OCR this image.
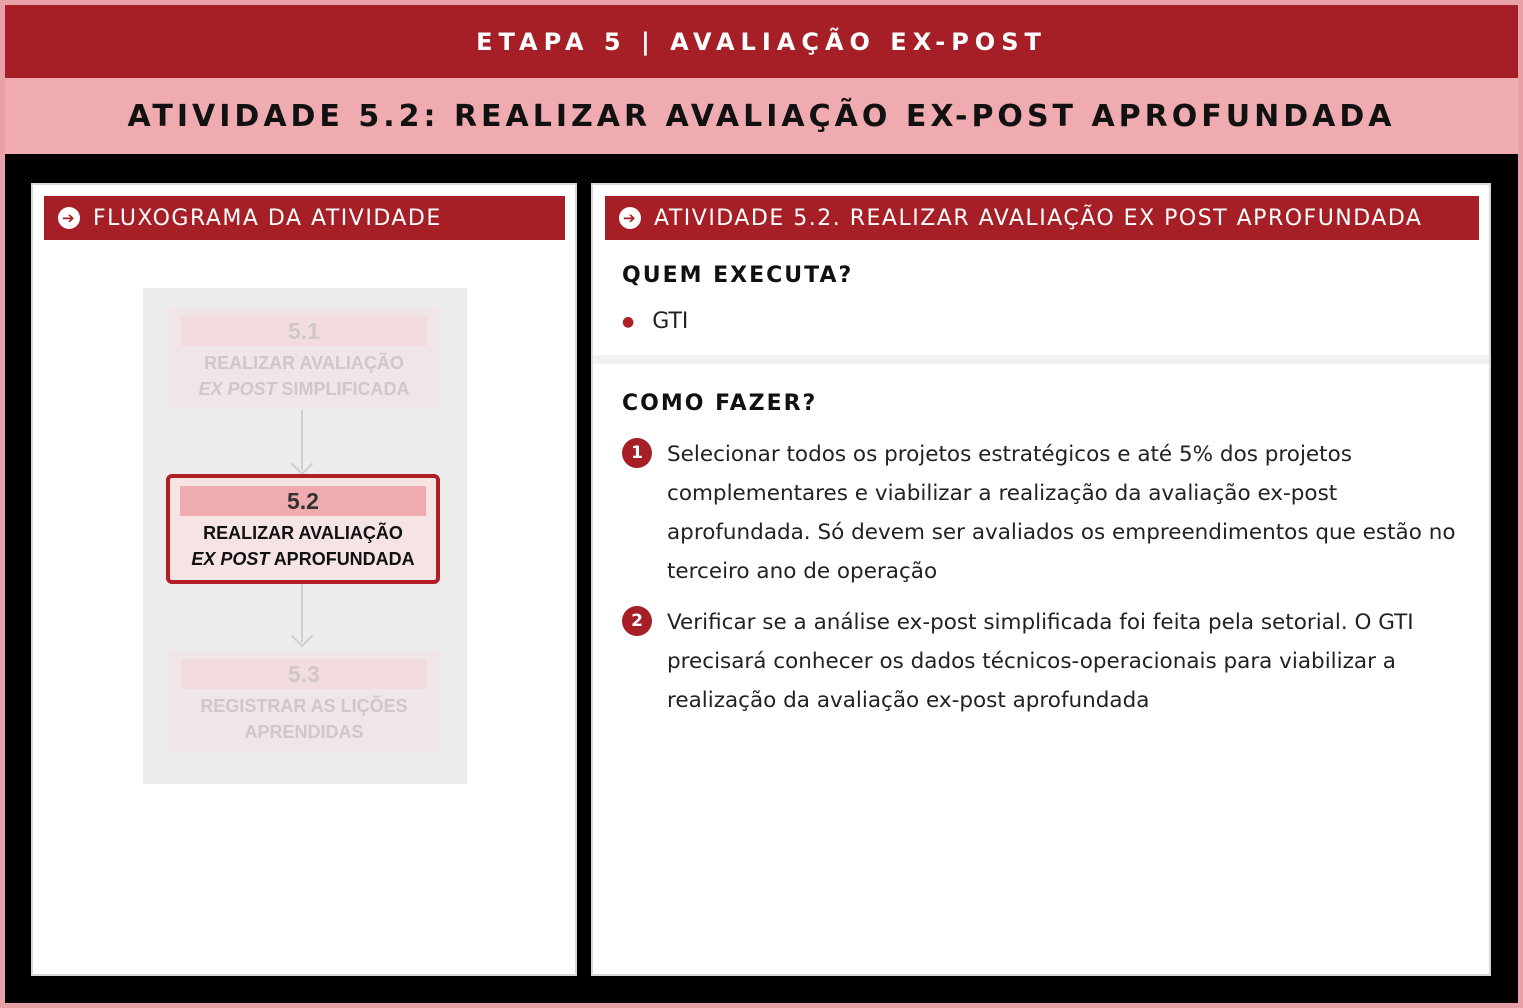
ETAPA 5 | AVALIAÇÃO EX-POST
ATIVIDADE 5.2: REALIZAR AVALIAÇÃO EX-POST APROFUNDADA
➔ FLUXOGRAMA DA ATIVIDADE
5.1
REALIZAR AVALIAÇÃO
EX POST SIMPLIFICADA
5.2
REALIZAR AVALIAÇÃO
EX POST APROFUNDADA
5.3
REGISTRAR AS LIÇÕES
APRENDIDAS
➔ ATIVIDADE 5.2. REALIZAR AVALIAÇÃO EX POST APROFUNDADA
QUEM EXECUTA?
● GTI
COMO FAZER?
1	Selecionar todos os projetos estratégicos e até 5% dos projetos complementares e viabilizar a realização da avaliação ex-post aprofundada. Só devem ser avaliados os empreendimentos que estão no terceiro ano de operação
2	Verificar se a análise ex-post simplificada foi feita pela setorial. O GTI precisará conhecer os dados técnicos-operacionais para viabilizar a realização da avaliação ex-post aprofundada
